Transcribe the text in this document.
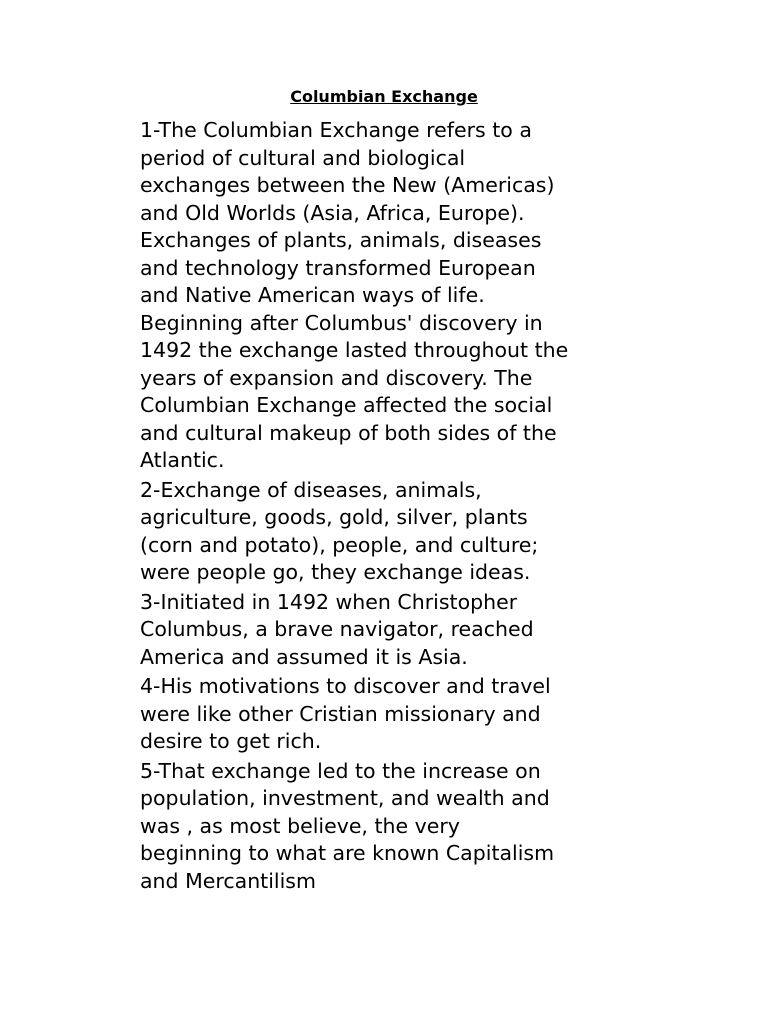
Columbian Exchange
1-The Columbian Exchange refers to a
period of cultural and biological
exchanges between the New (Americas)
and Old Worlds (Asia, Africa, Europe).
Exchanges of plants, animals, diseases
and technology transformed European
and Native American ways of life.
Beginning after Columbus' discovery in
1492 the exchange lasted throughout the
years of expansion and discovery. The
Columbian Exchange affected the social
and cultural makeup of both sides of the
Atlantic.
2-Exchange of diseases, animals,
agriculture, goods, gold, silver, plants
(corn and potato), people, and culture;
were people go, they exchange ideas.
3-Initiated in 1492 when Christopher
Columbus, a brave navigator, reached
America and assumed it is Asia.
4-His motivations to discover and travel
were like other Cristian missionary and
desire to get rich.
5-That exchange led to the increase on
population, investment, and wealth and
was , as most believe, the very
beginning to what are known Capitalism
and Mercantilism
